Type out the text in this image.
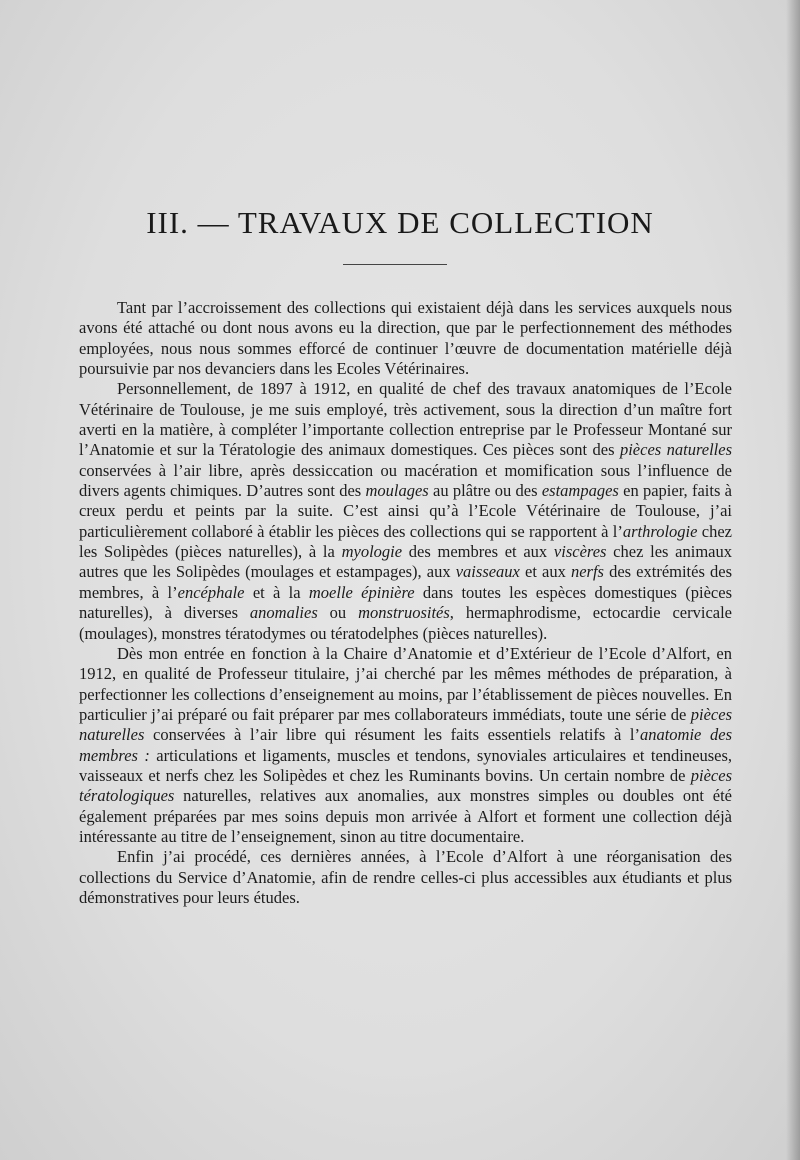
III. — TRAVAUX DE COLLECTION

Tant par l’accroissement des collections qui existaient déjà dans les services auxquels nous avons été attaché ou dont nous avons eu la direction, que par le perfectionnement des méthodes employées, nous nous sommes efforcé de continuer l’œuvre de documentation matérielle déjà poursuivie par nos devanciers dans les Ecoles Vétérinaires.

Personnellement, de 1897 à 1912, en qualité de chef des travaux anatomiques de l’Ecole Vétérinaire de Toulouse, je me suis employé, très activement, sous la direction d’un maître fort averti en la matière, à compléter l’importante collection entreprise par le Professeur Montané sur l’Anatomie et sur la Tératologie des animaux domestiques. Ces pièces sont des pièces naturelles conservées à l’air libre, après dessiccation ou macération et momification sous l’influence de divers agents chimiques. D’autres sont des moulages au plâtre ou des estampages en papier, faits à creux perdu et peints par la suite. C’est ainsi qu’à l’Ecole Vétérinaire de Toulouse, j’ai particulièrement collaboré à établir les pièces des collections qui se rapportent à l’arthrologie chez les Solipèdes (pièces naturelles), à la myologie des membres et aux viscères chez les animaux autres que les Solipèdes (moulages et estampages), aux vaisseaux et aux nerfs des extrémités des membres, à l’encéphale et à la moelle épinière dans toutes les espèces domestiques (pièces naturelles), à diverses anomalies ou monstruosités, hermaphrodisme, ectocardie cervicale (moulages), monstres tératodymes ou tératodelphes (pièces naturelles).

Dès mon entrée en fonction à la Chaire d’Anatomie et d’Extérieur de l’Ecole d’Alfort, en 1912, en qualité de Professeur titulaire, j’ai cherché par les mêmes méthodes de préparation, à perfectionner les collections d’enseignement au moins, par l’établissement de pièces nouvelles. En particulier j’ai préparé ou fait préparer par mes collaborateurs immédiats, toute une série de pièces naturelles conservées à l’air libre qui résument les faits essentiels relatifs à l’anatomie des membres : articulations et ligaments, muscles et tendons, synoviales articulaires et tendineuses, vaisseaux et nerfs chez les Solipèdes et chez les Ruminants bovins. Un certain nombre de pièces tératologiques naturelles, relatives aux anomalies, aux monstres simples ou doubles ont été également préparées par mes soins depuis mon arrivée à Alfort et forment une collection déjà intéressante au titre de l’enseignement, sinon au titre documentaire.

Enfin j’ai procédé, ces dernières années, à l’Ecole d’Alfort à une réorganisation des collections du Service d’Anatomie, afin de rendre celles-ci plus accessibles aux étudiants et plus démonstratives pour leurs études.
